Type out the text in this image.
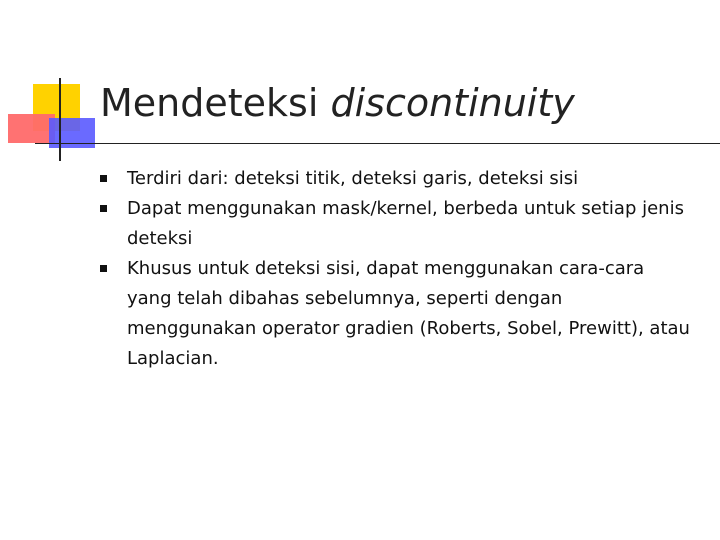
Mendeteksi discontinuity
Terdiri dari: deteksi titik, deteksi garis, deteksi sisi
Dapat menggunakan mask/kernel, berbeda untuk setiap jenis deteksi
Khusus untuk deteksi sisi, dapat menggunakan cara-cara yang telah dibahas sebelumnya, seperti dengan menggunakan operator gradien (Roberts, Sobel, Prewitt), atau Laplacian.
